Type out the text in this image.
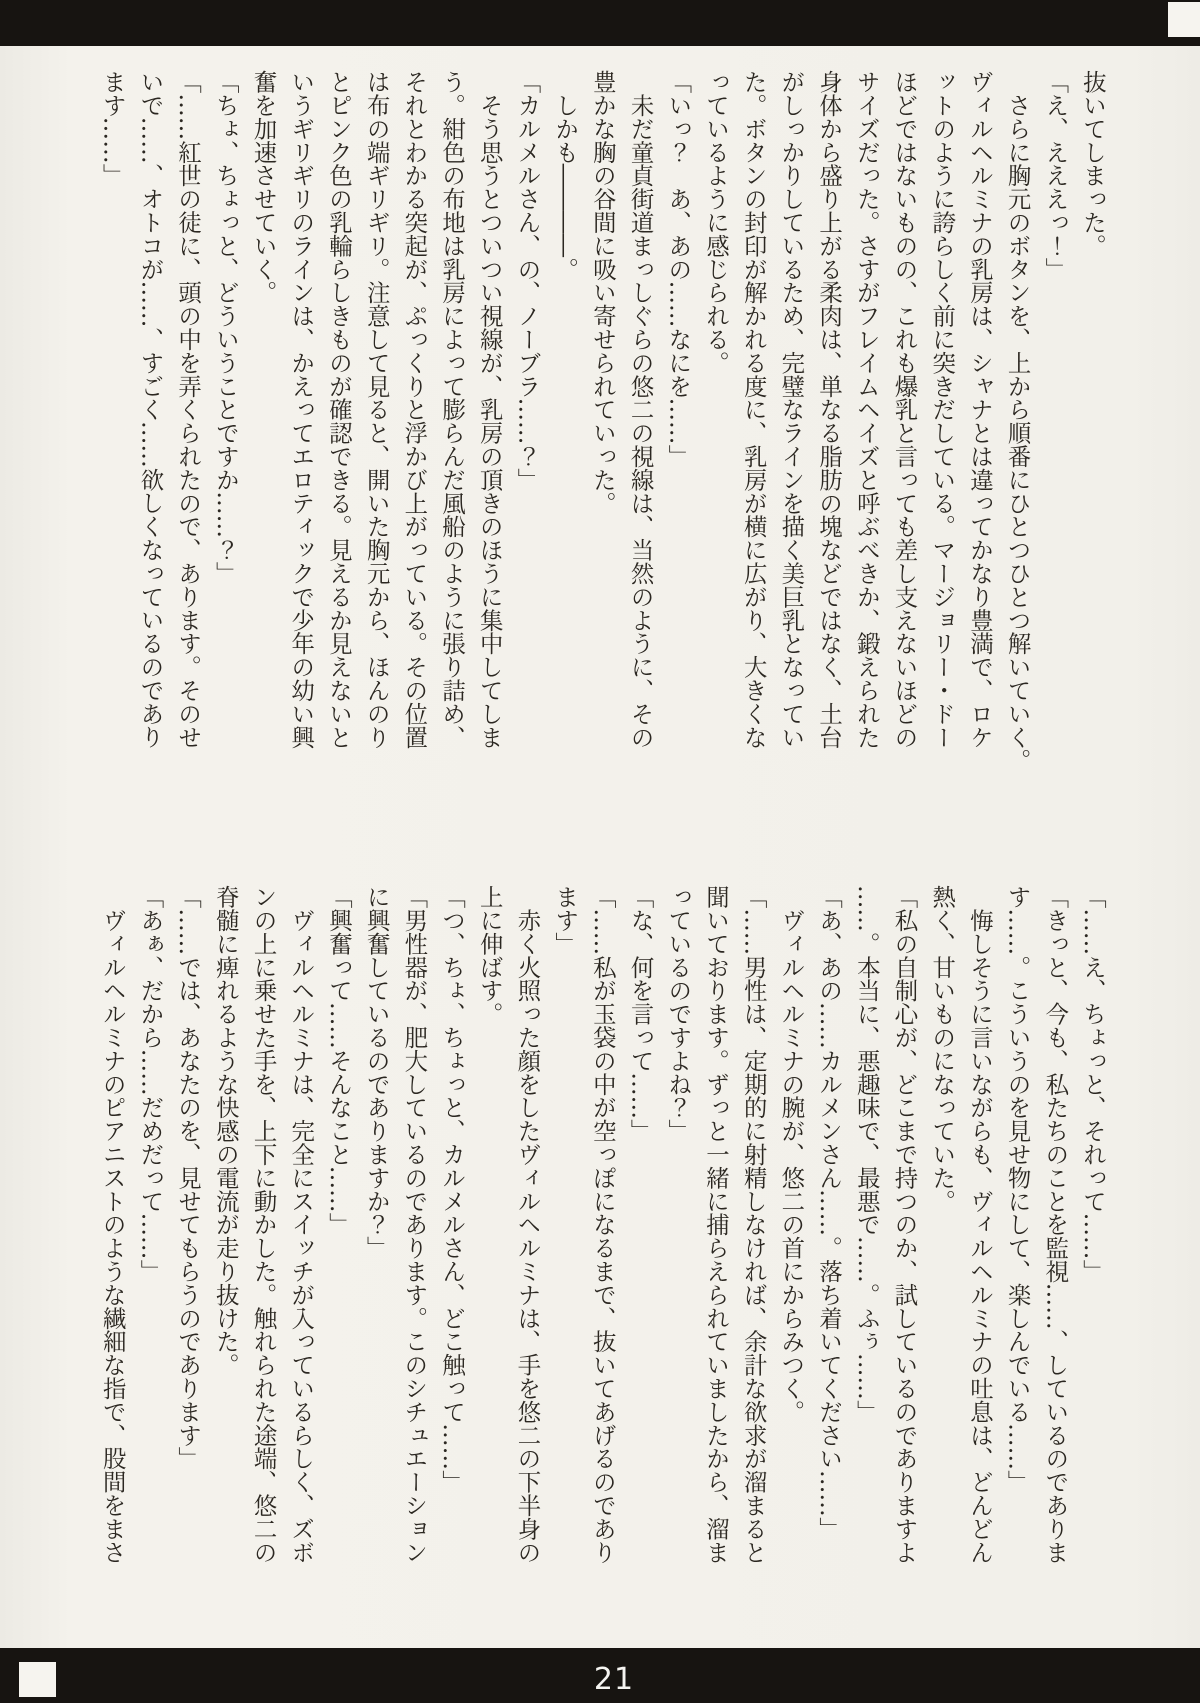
抜いてしまった。
「え、えええっ！」
　さらに胸元のボタンを、上から順番にひとつひとつ解いていく。
ヴィルヘルミナの乳房は、シャナとは違ってかなり豊満で、ロケ
ットのように誇らしく前に突きだしている。マージョリー・ドー
ほどではないものの、これも爆乳と言っても差し支えないほどの
サイズだった。さすがフレイムヘイズと呼ぶべきか、鍛えられた
身体から盛り上がる柔肉は、単なる脂肪の塊などではなく、土台
がしっかりしているため、完璧なラインを描く美巨乳となってい
た。ボタンの封印が解かれる度に、乳房が横に広がり、大きくな
っているように感じられる。
「いっ？　あ、あの……なにを……」
　未だ童貞街道まっしぐらの悠二の視線は、当然のように、その
豊かな胸の谷間に吸い寄せられていった。
　しかも――――。
「カルメルさん、の、ノーブラ……？」
　そう思うとついつい視線が、乳房の頂きのほうに集中してしま
う。紺色の布地は乳房によって膨らんだ風船のように張り詰め、
それとわかる突起が、ぷっくりと浮かび上がっている。その位置
は布の端ギリギリ。注意して見ると、開いた胸元から、ほんのり
とピンク色の乳輪らしきものが確認できる。見えるか見えないと
いうギリギリのラインは、かえってエロティックで少年の幼い興
奮を加速させていく。
「ちょ、ちょっと、どういうことですか……？」
「……紅世の徒に、頭の中を弄くられたので、あります。そのせ
いで……、オトコが……、すごく……欲しくなっているのであり
ます……」
「……え、ちょっと、それって……」
「きっと、今も、私たちのことを監視……、しているのでありま
す……。こういうのを見せ物にして、楽しんでいる……」
　悔しそうに言いながらも、ヴィルヘルミナの吐息は、どんどん
熱く、甘いものになっていた。
「私の自制心が、どこまで持つのか、試しているのでありますよ
……。本当に、悪趣味で、最悪で……。ふぅ……」
「あ、あの……カルメンさん……。落ち着いてください……」
　ヴィルヘルミナの腕が、悠二の首にからみつく。
「……男性は、定期的に射精しなければ、余計な欲求が溜まると
聞いております。ずっと一緒に捕らえられていましたから、溜ま
っているのですよね？」
「な、何を言って……」
「……私が玉袋の中が空っぽになるまで、抜いてあげるのであり
ます」
　赤く火照った顔をしたヴィルヘルミナは、手を悠二の下半身の
上に伸ばす。
「つ、ちょ、ちょっと、カルメルさん、どこ触って……」
「男性器が、肥大しているのであります。このシチュエーション
に興奮しているのでありますか？」
「興奮って……そんなこと……」
　ヴィルヘルミナは、完全にスイッチが入っているらしく、ズボ
ンの上に乗せた手を、上下に動かした。触れられた途端、悠二の
脊髄に痺れるような快感の電流が走り抜けた。
「……では、あなたのを、見せてもらうのであります」
「あぁ、だから……だめだって……」
　ヴィルヘルミナのピアニストのような繊細な指で、股間をまさ
21
